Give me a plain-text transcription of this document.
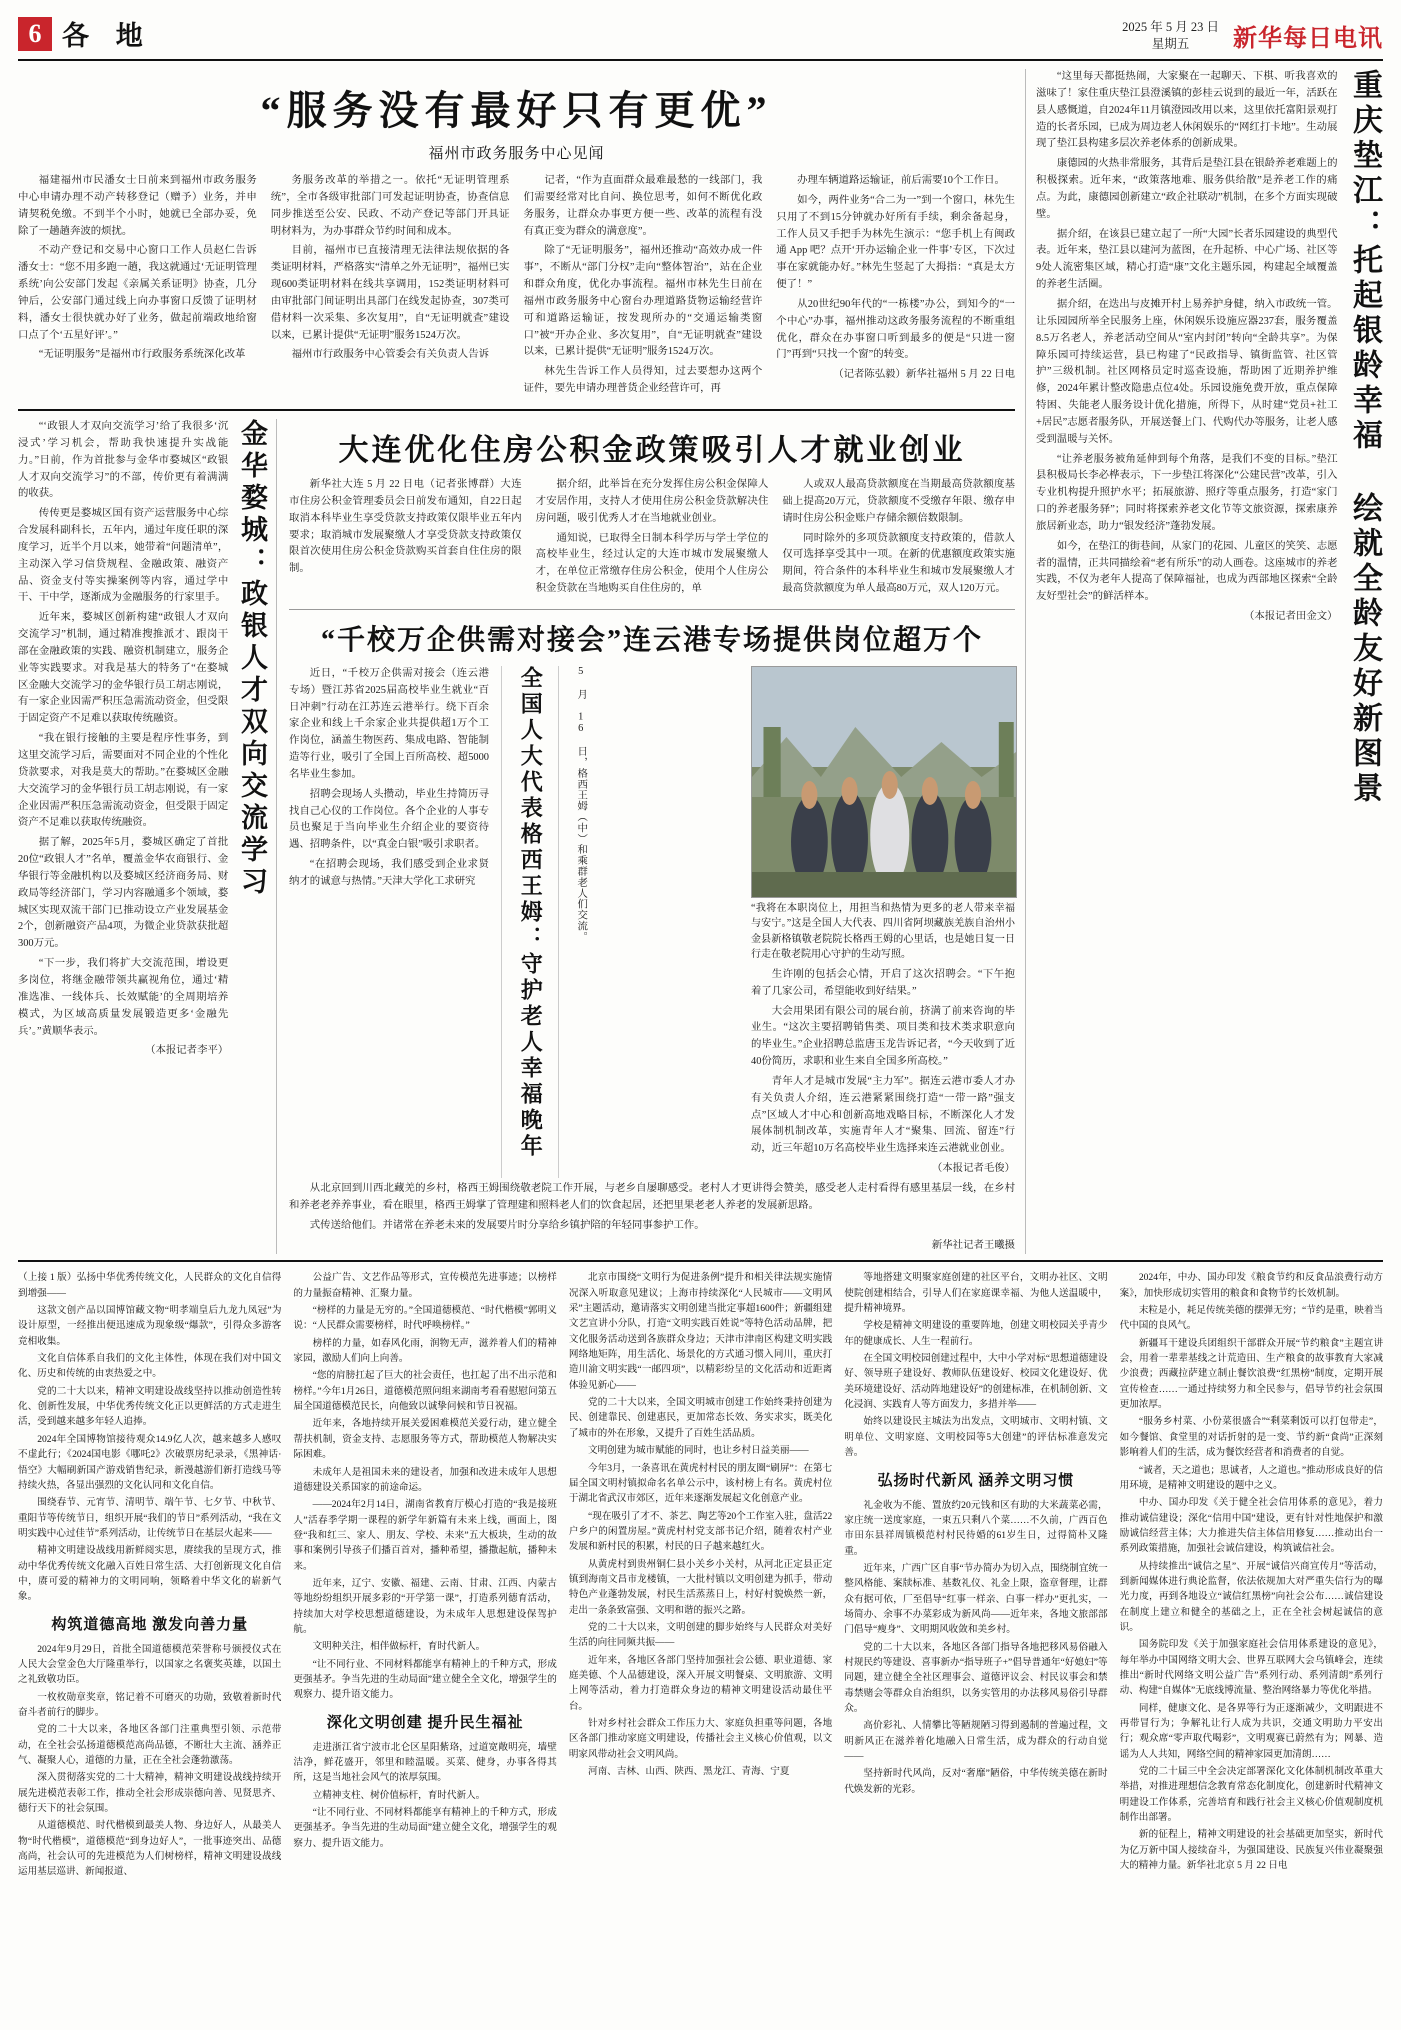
6 各 地	2025 年 5 月 23 日
星期五	新华每日电讯
“服务没有最好只有更优”
福州市政务服务中心见闻

福建福州市民潘女士日前来到福州市政务服务中心申请办理不动产转移登记（赠予）业务，并申请契税免缴。不到半个小时，她就已全部办妥，免除了一趟趟奔波的烦扰。

不动产登记和交易中心窗口工作人员赵仁告诉潘女士：“您不用多跑一趟，我这就通过‘无证明管理系统’向公安部门发起《亲属关系证明》协查，几分钟后，公安部门通过线上向办事窗口反馈了证明材料，潘女士很快就办好了业务，做起前端政地给窗口点了个‘五星好评’。”

“无证明服务”是福州市行政服务系统深化改革

务服务改革的举措之一。依托“无证明管理系统”，全市各级审批部门可发起证明协查，协查信息同步推送至公安、民政、不动产登记等部门开具证明材料为，为办事群众节约时间和成本。

目前，福州市已直接清理无法律法规依据的各类证明材料，严格落实“清单之外无证明”，福州已实现600类证明材料在线共享调用，152类证明材料可由审批部门间证明出具部门在线发起协查，307类可借材料一次采集、多次复用”，自“无证明就查”建设以来，已累计提供“无证明”服务1524万次。

福州市行政服务中心管委会有关负责人告诉

记者，“作为直面群众最难最愁的一线部门，我们需要经常对比自问、换位思考，如何不断优化政务服务，让群众办事更方便一些、改革的流程有没有真正变为群众的满意度”。

除了“无证明服务”，福州还推动“高效办成一件事”，不断从“部门分权”走向“整体智治”，站在企业和群众角度，优化办事流程。福州市林先生日前在福州市政务服务中心窗台办理道路货物运输经营许可和道路运输证，按发现所办的“交通运输类窗口”被“开办企业、多次复用”，自“无证明就查”建设以来，已累计提供“无证明”服务1524万次。

林先生告诉工作人员得知，过去要想办这两个证件，要先申请办理普货企业经营许可，再

办理车辆道路运输证，前后需要10个工作日。

如今，两件业务“合二为一”到一个窗口，林先生只用了不到15分钟就办好所有手续，剩余备起身，工作人员又手把手为林先生演示：“您手机上有闽政通 App 吧？点开‘开办运输企业一件事’专区，下次过事在家就能办好。”林先生竖起了大拇指：“真是太方便了！”

从20世纪90年代的“一栋楼”办公，到知今的“一个中心”办事，福州推动这政务服务流程的不断重组优化，群众在办事窗口听到最多的便是“只进一窗门”再到“只找一个窗”的转变。

（记者陈弘毅）新华社福州 5 月 22 日电

“‘政银人才双向交流学习’给了我很多‘沉浸式’学习机会，帮助我快速提升实战能力。”日前，作为首批参与金华市婺城区“政银人才双向交流学习”的不部，传价更有着满满的收获。

传传更是婺城区国有资产运营服务中心综合发展科副科长，五年内，通过年度任职的深度学习，近半个月以来，她带着“问题清单”，主动深入学习信贷规程、金融政策、融资产品、资金支付等实操案例等内容，通过学中干、干中学，逐渐成为金融服务的行家里手。

近年来，婺城区创新构建“政银人才双向交流学习”机制，通过精准搜推派才、跟岗干部在金融政策的实践、融资机制建立，服务企业等实践要求。对我是基大的特务了“在婺城区金融大交流学习的金华银行员工胡志刚说，有一家企业因需严积压急需流动资金，但受限于固定资产不足难以获取传统融资。

“我在银行接触的主要是程序性事务，到这里交流学习后，需要面对不同企业的个性化贷款要求，对我是莫大的帮助。”在婺城区金融大交流学习的金华银行员工胡志刚说，有一家企业因需严积压急需流动资金，但受限于固定资产不足难以获取传统融资。

据了解，2025年5月，婺城区确定了首批20位“政银人才”名单，覆盖金华农商银行、金华银行等金融机构以及婺城区经济商务局、财政局等经济部门，学习内容融通多个领域，婺城区实现双流干部门已推动设立产业发展基金2个，创新融资产品4项，为微企业贷款获批超300万元。

“下一步，我们将扩大交流范围，增设更多岗位，将继金融带领共赢视角位，通过‘精准选准、一线体兵、长效赋能’的全周期培养模式，为区域高质量发展锻造更多‘金融先兵’。”黄顺华表示。

（本报记者李平）
金华婺城：政银人才双向交流学习	大连优化住房公积金政策吸引人才就业创业

新华社大连 5 月 22 日电（记者张博群）大连市住房公积金管理委员会日前发布通知，自22日起取消本科毕业生享受贷款支持政策仅限毕业五年内要求；取消城市发展聚缴人才享受贷款支持政策仅限首次使用住房公积金贷款购买首套自住住房的限制。

据介绍，此举旨在充分发挥住房公积金保障人才安居作用，支持人才使用住房公积金贷款解决住房问题，吸引优秀人才在当地就业创业。

通知说，已取得全日制本科学历与学士学位的高校毕业生，经过认定的大连市城市发展聚缴人才，在单位正常缴存住房公积金，使用个人住房公积金贷款在当地购买自住住房的，单

人或双人最高贷款额度在当期最高贷款额度基础上提高20万元，贷款额度不受缴存年限、缴存申请时住房公积金账户存储余额倍数限制。

同时除外的多项贷款额度支持政策的，借款人仅可选择享受其中一项。在新的优惠额度政策实施期间，符合条件的本科毕业生和城市发展聚缴人才最高贷款额度为单人最高80万元，双人120万元。

“千校万企供需对接会”连云港专场提供岗位超万个

近日，“千校万企供需对接会（连云港专场）暨江苏省2025届高校毕业生就业“百日冲刺”行动在江苏连云港举行。绕下百余家企业和线上千余家企业共提供超1万个工作岗位，涵盖生物医药、集成电路、智能制造等行业，吸引了全国上百所高校、超5000名毕业生参加。

招聘会现场人头攒动，毕业生持简历寻找自己心仪的工作岗位。各个企业的人事专员也聚足于当向毕业生介绍企业的要资待遇、招聘条件，以“真金白银”吸引求职者。

“在招聘会现场，我们感受到企业求贤纳才的诚意与热情。”天津大学化工求研究	全国人大代表格西王姆：守护老人幸福晚年	5 月 16 日，格西王姆（中）和乘群老人们交流。	“我将在本职岗位上，用担当和热情为更多的老人带来幸福与安宁。”这是全国人大代表、四川省阿坝藏族羌族自治州小金县新格镇敬老院院长格西王姆的心里话，也是她日复一日行走在敬老院用心守护的生动写照。

生许刚的包括会心情，开启了这次招聘会。“下午抱着了几家公司，希望能收到好结果。”

大会用果团有限公司的展台前，挤满了前来咨询的毕业生。“这次主要招聘销售类、项目类和技术类求职意向的毕业生。”企业招聘总监唐玉龙告诉记者，“今天收到了近40份简历，求职和业生来自全国多所高校。”

青年人才是城市发展“主力军”。据连云港市委人才办有关负责人介绍，连云港紧紧围绕打造“一带一路”强支点”区域人才中心和创新高地戏略目标，不断深化人才发展体制机制改革，实施青年人才“聚集、回流、留连”行动，近三年超10万名高校毕业生选择来连云港就业创业。

（本报记者毛俊）

从北京回到川西北藏羌的乡村，格西王姆围绕敬老院工作开展，与老乡自屡聊感受。老村人才更讲得会赞美，感受老人走村看得有感里基层一线，在乡村和养老老养养事业，看在眼里，格西王姆掌了管理建和照料老人们的饮食起居，还把里果老老人养老的发展新思路。

式传送给他们。并诸常在养老未来的发展要片时分享给乡镇护陪的年轻同事参护工作。

新华社记者王曦摄

“这里每天都挺热闹，大家聚在一起聊天、下棋、听我喜欢的滋味了！家住重庆垫江县澄溪镇的彭桂云说到的最近一年，活跃在县人感慨道，自2024年11月镇澄园改用以来，这里依托富阳景观打造的长者乐园，已成为周边老人休闲娱乐的“网红打卡地”。生动展现了垫江县构建多层次养老体系的创新成果。

康德园的火热非常服务，其背后是垫江县在银龄养老难题上的积极探索。近年来，“政策落地难、服务供给散”是养老工作的痛点。为此，康德园创新建立“政企社联动”机制，在多个方面实现破壁。

据介绍，在该县已建立起了一所“大园”长者乐园建设的典型代表。近年来，垫江县以建河为蓝图，在升起桥、中心广场、社区等9处人流密集区域，精心打造“康”文化主题乐园，构建起全域覆盖的养老生活圈。

据介绍，在迭出与皮摊开村上易养护身健，纳入市政统一管。让乐园园所举全民服务上座，休闲娱乐设施应器237套，服务覆盖8.5万名老人，养老活动空间从“室内封闭”转向“全龄共享”。为保障乐园可持续运营，县已构建了“民政指导、镇街监管、社区管护”三级机制。社区网格员定时巡查设施，帮助困了近期养护维修，2024年累计整改隐患点位4处。乐园设施免费开放，重点保障特困、失能老人服务设计优化措施，所得下，从时建“党员+社工+居民”志愿者服务队，开展送餐上门、代购代办等服务，让老人感受到温暖与关怀。

“让养老服务被角延伸到每个角落，是我们不变的目标。”垫江县积极局长李必桦表示，下一步垫江将深化“公建民营”改革，引入专业机构提升照护水平；拓展旅游、照疗等重点服务，打造“家门口的养老服务驿”；同时将探索养老文化节等文旅资源，探索康养旅居新业态，助力“银发经济”蓬勃发展。

如今，在垫江的街巷间，从家门的花园、儿童区的笑笑、志愿者的温情，正共同描绘着“老有所乐”的动人画卷。这座城市的养老实践，不仅为老年人提高了保障福祉，也成为西部地区探索“全龄友好型社会”的鲜活样本。

（本报记者田金文） 重庆垫江：托起银龄幸福 绘就全龄友好新图景

（上接 1 版）弘扬中华优秀传统文化，人民群众的文化自信得到增强——

这款文创产品以国博馆藏文物“明孝端皇后九龙九凤冠”为设计原型，一经推出便迅速成为现象级“爆款”，引得众多游客竞相收集。

文化自信体系自我们的文化主体性，体现在我们对中国文化、历史和传统的由衷热爱之中。

党的二十大以来，精神文明建设战线坚持以推动创造性转化、创新性发展，中华优秀传统文化正以更鲜活的方式走进生活，受到越来越多年轻人追捧。

2024年全国博物馆接待观众14.9亿人次，越来越多人感叹不虚此行；《2024国电影《哪吒2》次破票房纪录录，《黑神话·悟空》大幅刷新国产游戏销售纪录，新漫越游们新打造线马等持续火热，各显出强烈的文化认同和文化自信。

围绕春节、元宵节、清明节、端午节、七夕节、中秋节、重阳节等传统节日，组织开展“我们的节日”系列活动，“我在文明实践中心过佳节”系列活动，让传统节日在基层火起来——

精神文明建设战线用新鲜阅实思，赓续我的呈现方式，推动中华优秀传统文化融入百姓日常生活、大打创新现文化自信中，赓可爱的精神力的文明同响，领略着中华文化的崭新气象。

构筑道德高地 激发向善力量

2024年9月29日，首批全国道德模范荣誉称号颁授仪式在人民大会堂金色大厅隆重举行，以国家之名褒奖英雄，以国土之礼致敬功臣。

一枚枚勋章奖章，铭记着不可磨灭的功勋，致敬着新时代奋斗者前行的脚步。

党的二十大以来，各地区各部门注重典型引领、示范带动，在全社会弘扬道德模范高尚品德，不断壮大主流、涵养正气、凝聚人心，道德的力量，正在全社会蓬勃激荡。

深入贯彻落实党的二十大精神，精神文明建设战线持续开展先进模范表彰工作，推动全社会形成崇德向善、见贤思齐、德行天下的社会氛围。

从道德模范、时代楷模到最美人物、身边好人，从最美人物“时代楷模”，道德模范“到身边好人”，一批事迹突出、品德高尚，社会认可的先进模范为人们树榜样，精神文明建设战线运用基层巡讲、新闻报道、

公益广告、文艺作品等形式，宣传模范先进事迹；以榜样的力量振奋精神、汇聚力量。

“榜样的力量是无穷的。”全国道德模范、“时代楷模”郭明义说：“人民群众需要榜样，时代呼唤榜样。”

榜样的力量，如春风化雨，润物无声，滋养着人们的精神家园，激励人们向上向善。

“您的肩膀扛起了巨大的社会责任，也扛起了出不出示范和榜样。”今年1月26日，道德模范照问组来湖南考看看慰慰问第五届全国道德模范民长，向他致以诚挚问候和节日祝福。

近年来，各地持续开展关爱困难模范关爱行动，建立健全帮扶机制，资金支持、志愿服务等方式，帮助模范人物解决实际困难。

未成年人是祖国未来的建设者，加强和改进未成年人思想道德建设关系国家的前途命运。

——2024年2月14日，湖南省教育厅模心打造的“我是接班人”活春季学期一课程的新学年新篇有未来上线，画面上，图登“我和红三、家人、朋友、学校、未来”五大板块，生动的故事和案例引导孩子们播百首对，播种希望，播撒起航，播种未来。

近年来，辽宁、安徽、福建、云南、甘肃、江西、内蒙古等地纷纷组织开展多彩的“开学第一课”，打造系列德育活动，持续加大对学校思想道德建设，为未成年人思想建设保驾护航。

文明种关注，相伴做标杆，育时代新人。

“让不同行业、不同材料都能享有精神上的千种方式，形成更强基矛。争当先进的生动局面”建立健全全文化，增强学生的观察力、提升语文能力。

深化文明创建 提升民生福祉

走进浙江省宁波市北仑区星阳紫珞，过道宽敞明亮，墙壁洁净，鲜花盛开，邻里和睦温暖。买菜、健身，办事各得其所，这是当地社会风气的浓厚氛围。

立精神支柱、树价值标杆，育时代新人。

“让不同行业、不同材料都能享有精神上的千种方式，形成更强基矛。争当先进的生动局面”建立健全文化，增强学生的观察力、提升语文能力。

北京市围绕“文明行为促进条例”提升和相关律法规实施情况深入听取意见建议；上海市持续深化“人民城市——文明风采”主题活动，邀请落实文明创建当批定事超1600件；新疆组建文艺宣讲小分队，打造“文明实践百姓说”等特色活动品牌，把文化服务活动送到各族群众身边；天津市津南区构建文明实践网络地矩阵，用生活化、场景化的方式通习惯入同川，重庆打造川渝文明实践“一邮四项”，以精彩纷呈的文化活动和近距离体验见新心——

党的二十大以来，全国文明城市创建工作始终秉持创建为民、创建靠民、创建惠民，更加常态长效、务实求实，既美化了城市的外在形象，又提升了百姓生活品质。

文明创建为城市赋能的同时，也让乡村日益美丽——

今年3月，一条喜讯在黄虎村村民的朋友圈“刷屏”：在第七届全国文明村镇拟命名名单公示中，该村榜上有名。黄虎村位于湖北省武汉市郊区，近年来逐渐发展起文化创意产业。

“现在吸引了才不、茶艺、陶艺等20个工作室入驻，盘活22户乡户的闲置房屋。”黄虎村村党支部书记介绍，随着农村产业发展和新村民的积累，村民的日子越来越红火。

从黄虎村到贵州铜仁县小关乡小关村，从河北正定县正定镇到海南文昌市龙楼镇，一大批村镇以文明创建为抓手，带动特色产业蓬勃发展，村民生活蒸蒸日上，村好村貌焕然一新，走出一条条致富强、文明和谐的振兴之路。

党的二十大以来，文明创建的脚步始终与人民群众对美好生活的向往同频共振——

近年来，各地区各部门坚持加强社会公德、职业道德、家庭美德、个人品德建设，深入开展文明餐桌、文明旅游、文明上网等活动，着力打造群众身边的精神文明建设活动最住平台。

针对乡村社会群众工作压力大、家庭负担重等问题，各地区各部门推动家庭文明建设，传播社会主义核心价值观，以文明家风带动社会文明风尚。

河南、吉林、山西、陕西、黑龙江、青海、宁夏

等地搭建文明聚家庭创建的社区平台，文明办社区、文明使院创建相结合，引导人们在家庭课幸福、为他人送温暖中，提升精神境界。

学校是精神文明建设的重要阵地，创建文明校园关乎青少年的健康成长、人生一程前行。

在全国文明校园创建过程中，大中小学对标“思想道德建设好、领导班子建设好、教师队伍建设好、校园文化建设好、优美环境建设好、活动阵地建设好”的创建标准，在机制创新、文化浸润、实践育人等方面发力，多措并举——

始终以建设民主城法为出发点，文明城市、文明村镇、文明单位、文明家庭、文明校园等5大创建”的评估标准意发完善。

弘扬时代新风 涵养文明习惯

礼金收为不能、置放约20元钱和区有助的大米蔬菜必需，家庄统一送度家庭，一束五只剩八个菜……不久前，广西百色市田东县祥周镇模范村村民待婚的61岁生日，过得简朴又隆重。

近年来，广西广区自事“节办简办为切入点，围绕制宜统一整风格能、案牍标准、基数礼仪、礼金上限，盗章督理，让群众有据可依，厂至倡导“红事一样亲、白事一样办”更扎实，一场简办、余事不办菜彩成为新风尚——近年来，各地文旅部部门倡导“瘦身”、文明期风收敛和美乡村。

党的二十大以来，各地区各部门指导各地把移风易俗融入村规民约等建设、喜事新办“指导班子+”倡导普通年“好媳妇”等同题，建立健全全社区理事会、道德评议会、村民议事会和禁毒禁赌会等群众自治组织，以务实管用的办法移风易俗引导群众。

高价彩礼、人情攀比等陋规陋习得到遏制的普遍过程，文明新风正在滋养着化地融入日常生活，成为群众的行动自觉——

坚持新时代风尚，反对“奢靡”陋俗，中华传统美德在新时代焕发新的光彩。

2024年，中办、国办印发《粮食节约和反食品浪费行动方案》，加快形成切实管用的粮食和食物节约长效机制。

末粒是小，耗足传统美德的摆弹无穷；“节约是重，映着当代中国的良风气。

新疆耳干建设兵团组织干部群众开展“节约粮食”主题宣讲会，用着一辈辈基线之计荒造田、生产粮食的故事教育大家减少浪费；西藏拉萨建立制止餐饮浪费“红黑榜”制度，定期开展宣传检查……一通过持续努力和全民参与，倡导节约社会氛围更加浓厚。

“服务乡村菜、小份菜很盛合”“剩菜剩饭可以打包带走”，如今餐馆、食堂里的对话折射的是一变、节约新“食尚”正深刻影响着人们的生活，成为餐饮经营者和消费者的自觉。

“诚者，天之道也；思诚者，人之道也。”推动形成良好的信用环境，是精神文明建设的题中之义。

中办、国办印发《关于健全社会信用体系的意见》，着力推动诚信建设；深化“信用中国”建设，更有针对性地保护和激励诚信经营主体；大力推进失信主体信用修复……推动出台一系列政策措施，加强社会诚信建设，构筑诚信社会。

从持续推出“诚信之星”、开展“诚信兴商宣传月”等活动，到新闻媒体进行典论监督，依法依规加大对严重失信行为的曝光力度，再到各地设立“诚信红黑榜”向社会公布……诚信建设在制度上建立和健全的基础之上，正在全社会树起诚信的意识。

国务院印发《关于加强家庭社会信用体系建设的意见》，每年举办中国网络文明大会、世界互联网大会乌镇峰会，连续推出“新时代网络文明公益广告”系列行动、系列清朗”系列行动、构建“自媒体”无底线博流量、整治网络暴力等优化举措。

同样，健康文化、是各界等行为正逐渐减少，文明跟进不再带冒行为；争解礼让行人成为共识，交通文明助力平安出行；观众席“零声取代喝彩”，文明观赛已蔚然有为；网暴、造谣为人人共知，网络空间的精神家园更加清朗……

党的二十届三中全会决定部署深化文化体制机制改革重大举措，对推进理想信念教育常态化制度化，创建新时代精神文明建设工作体系，完善培育和践行社会主义核心价值观制度机制作出部署。

新的征程上，精神文明建设的社会基础更加坚实，新时代为亿万新中国人接续奋斗，为强国建设、民族复兴伟业凝聚强大的精神力量。新华社北京 5 月 22 日电
